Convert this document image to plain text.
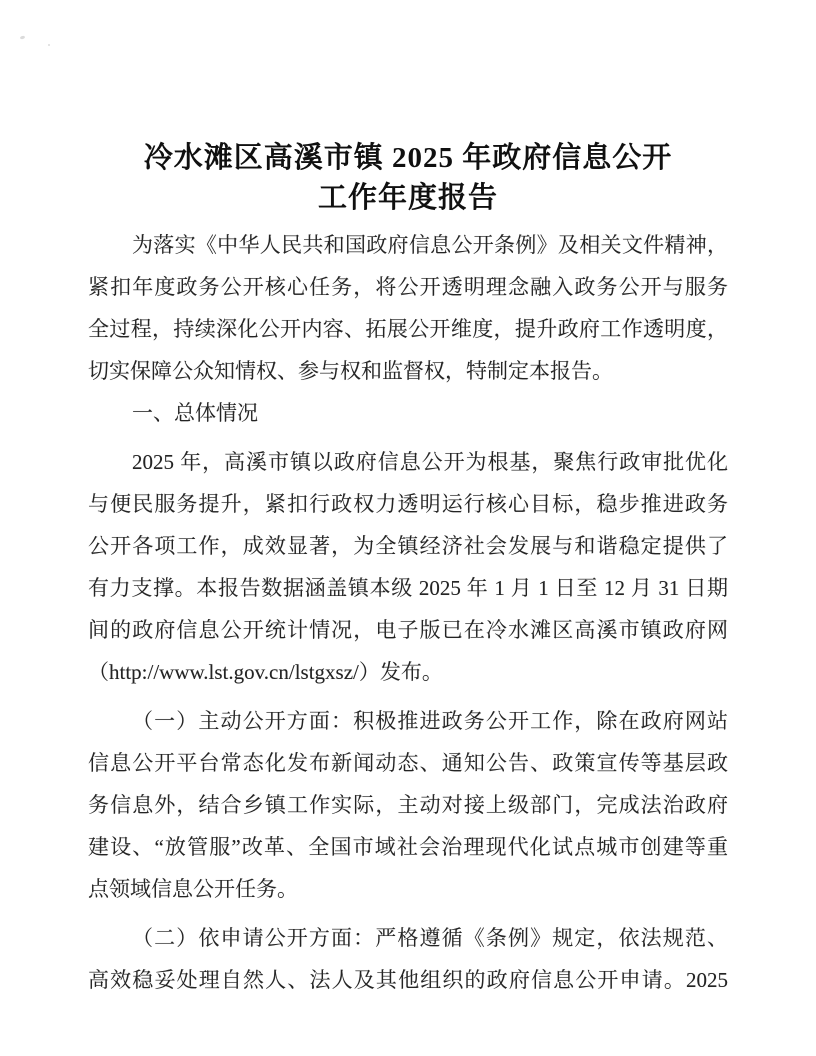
冷水滩区高溪市镇 2025 年政府信息公开
工作年度报告
为落实《中华人民共和国政府信息公开条例》及相关文件精神，
紧扣年度政务公开核心任务，将公开透明理念融入政务公开与服务
全过程，持续深化公开内容、拓展公开维度，提升政府工作透明度，
切实保障公众知情权、参与权和监督权，特制定本报告。
一、总体情况
2025 年，高溪市镇以政府信息公开为根基，聚焦行政审批优化
与便民服务提升，紧扣行政权力透明运行核心目标，稳步推进政务
公开各项工作，成效显著，为全镇经济社会发展与和谐稳定提供了
有力支撑。本报告数据涵盖镇本级 2025 年 1 月 1 日至 12 月 31 日期
间的政府信息公开统计情况，电子版已在冷水滩区高溪市镇政府网
（http://www.lst.gov.cn/lstgxsz/）发布。
（一）主动公开方面：积极推进政务公开工作，除在政府网站
信息公开平台常态化发布新闻动态、通知公告、政策宣传等基层政
务信息外，结合乡镇工作实际，主动对接上级部门，完成法治政府
建设、“放管服”改革、全国市域社会治理现代化试点城市创建等重
点领域信息公开任务。
（二）依申请公开方面：严格遵循《条例》规定，依法规范、
高效稳妥处理自然人、法人及其他组织的政府信息公开申请。2025
